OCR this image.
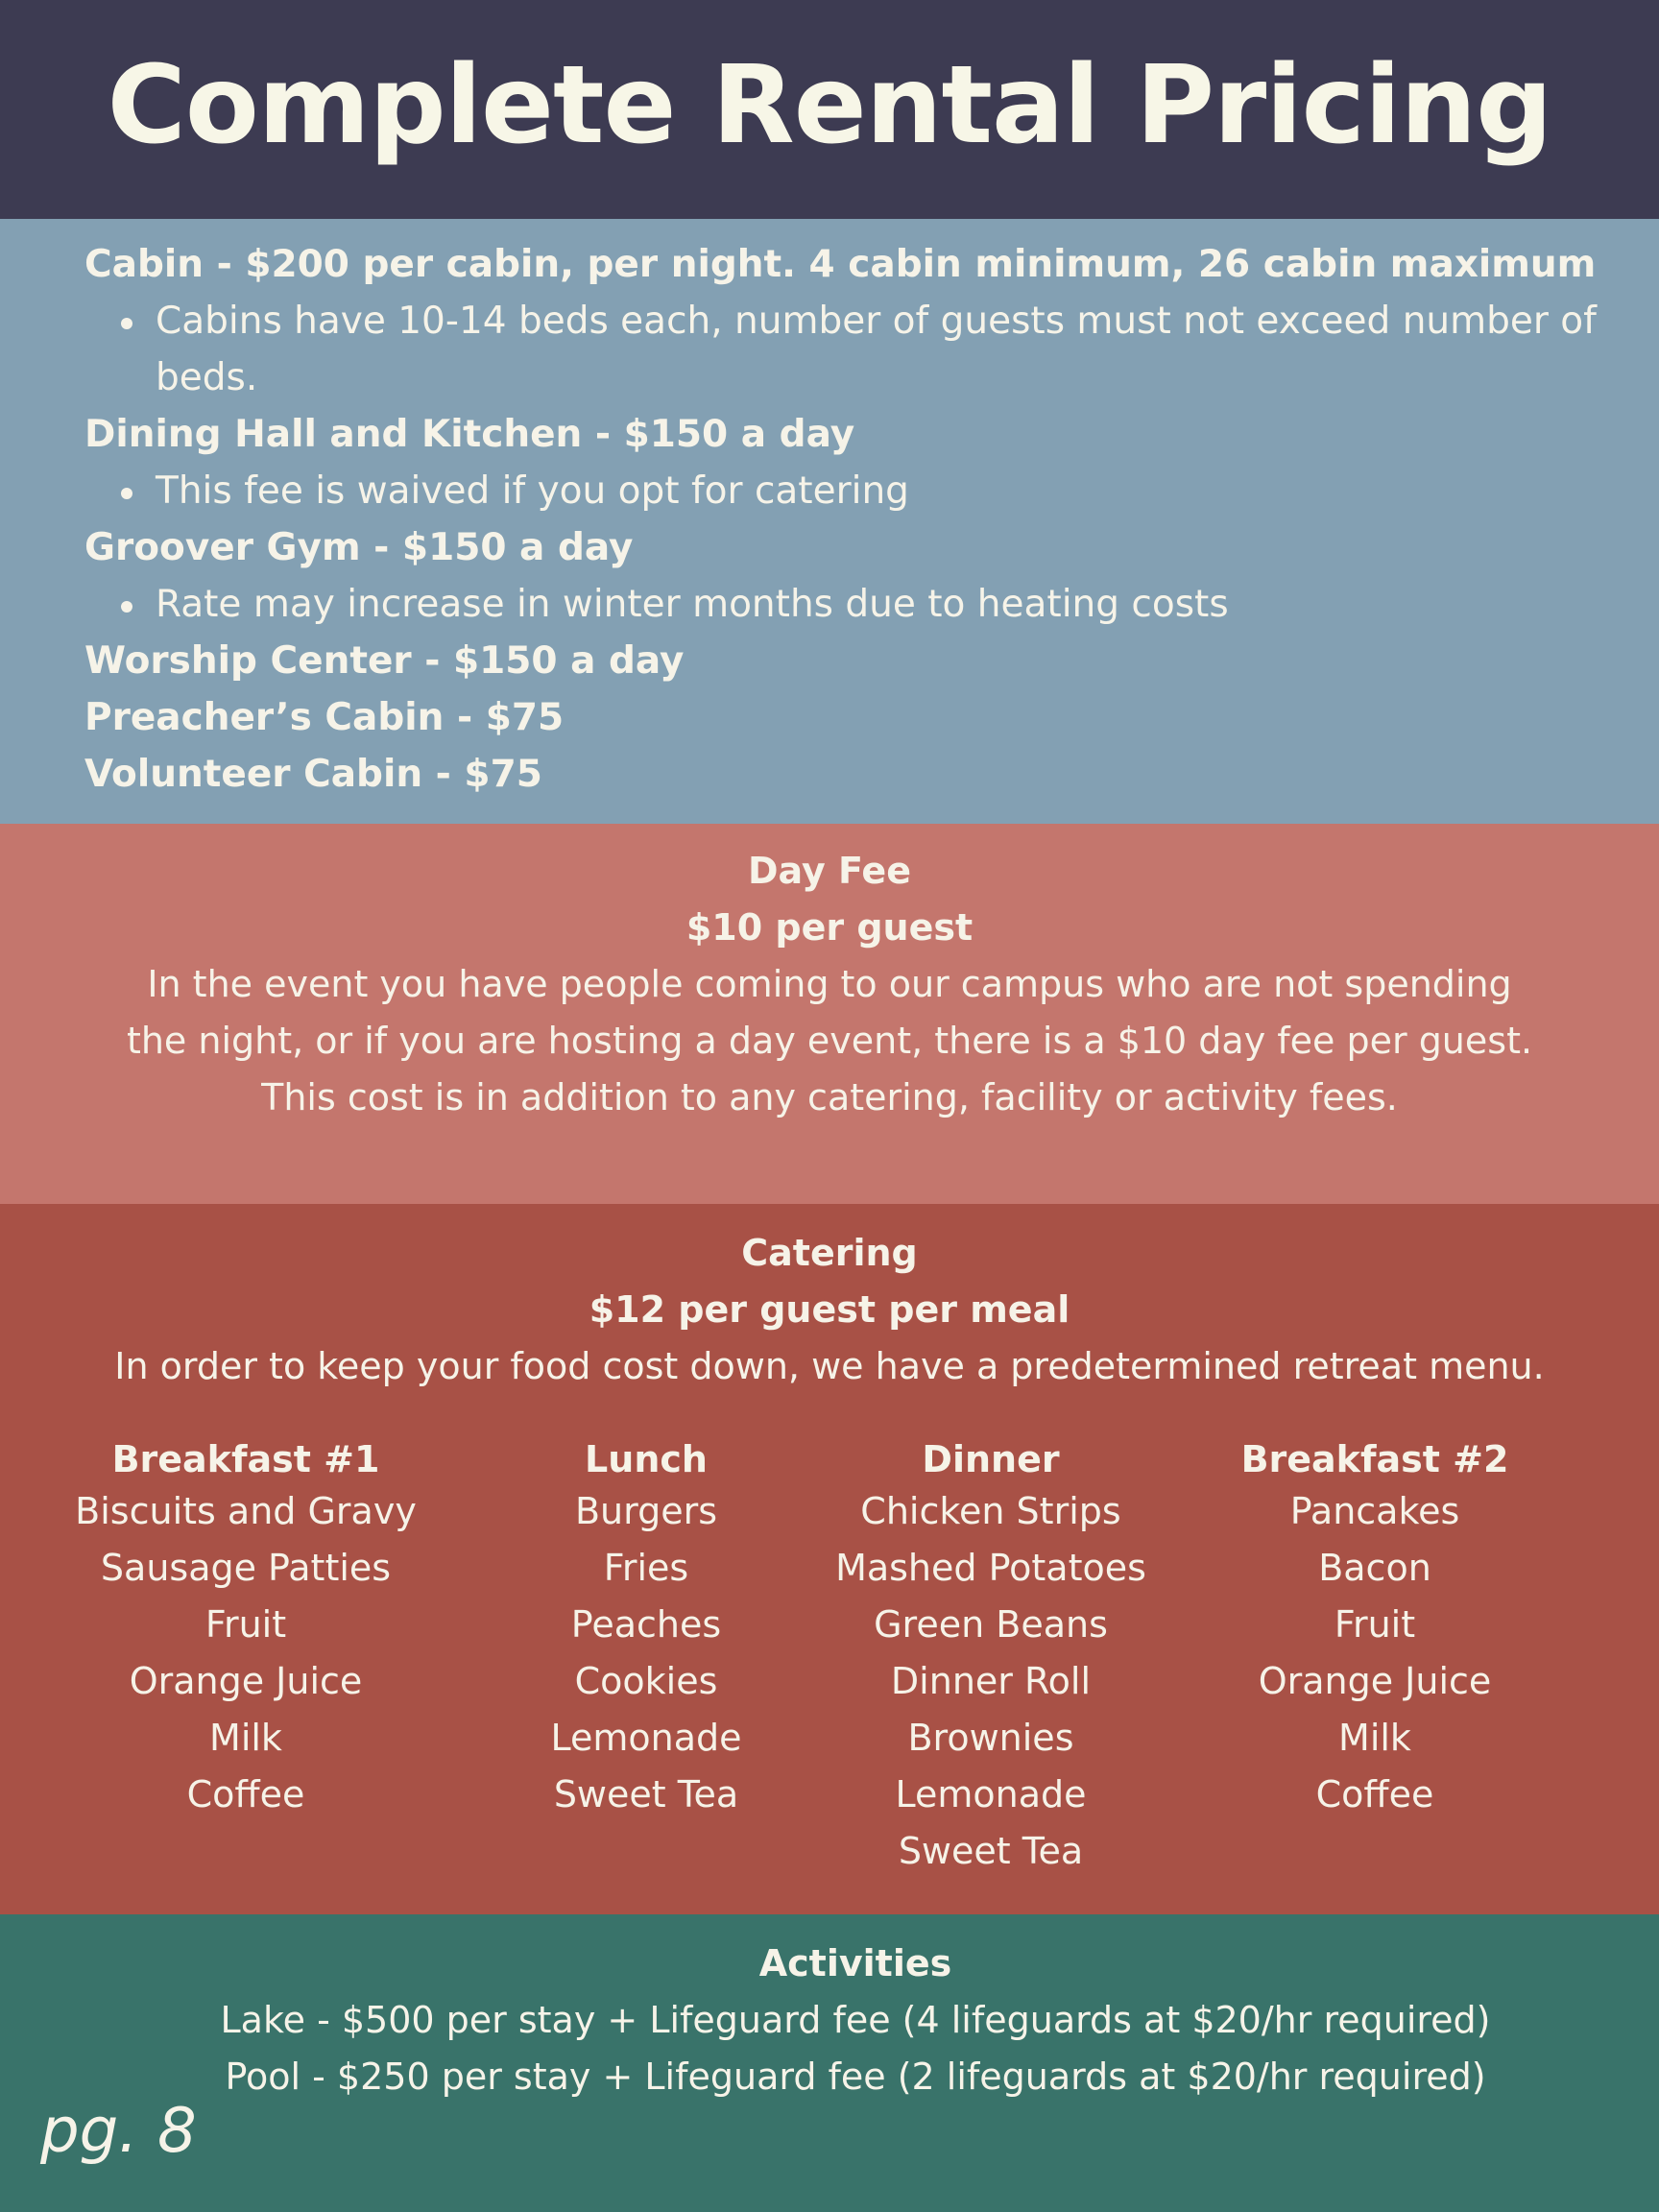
Complete Rental Pricing
Cabin - $200 per cabin, per night. 4 cabin minimum, 26 cabin maximum
Cabins have 10-14 beds each, number of guests must not exceed number of beds.
Dining Hall and Kitchen - $150 a day
This fee is waived if you opt for catering
Groover Gym - $150 a day
Rate may increase in winter months due to heating costs
Worship Center - $150 a day
Preacher’s Cabin - $75
Volunteer Cabin - $75
Day Fee
$10 per guest
In the event you have people coming to our campus who are not spending the night, or if you are hosting a day event, there is a $10 day fee per guest. This cost is in addition to any catering, facility or activity fees.
Catering
$12 per guest per meal
In order to keep your food cost down, we have a predetermined retreat menu.
Breakfast #1
Biscuits and Gravy
Sausage Patties
Fruit
Orange Juice
Milk
Coffee
Lunch
Burgers
Fries
Peaches
Cookies
Lemonade
Sweet Tea
Dinner
Chicken Strips
Mashed Potatoes
Green Beans
Dinner Roll
Brownies
Lemonade
Sweet Tea
Breakfast #2
Pancakes
Bacon
Fruit
Orange Juice
Milk
Coffee
Activities
Lake - $500 per stay + Lifeguard fee (4 lifeguards at $20/hr required)
Pool - $250 per stay + Lifeguard fee (2 lifeguards at $20/hr required)
pg. 8
